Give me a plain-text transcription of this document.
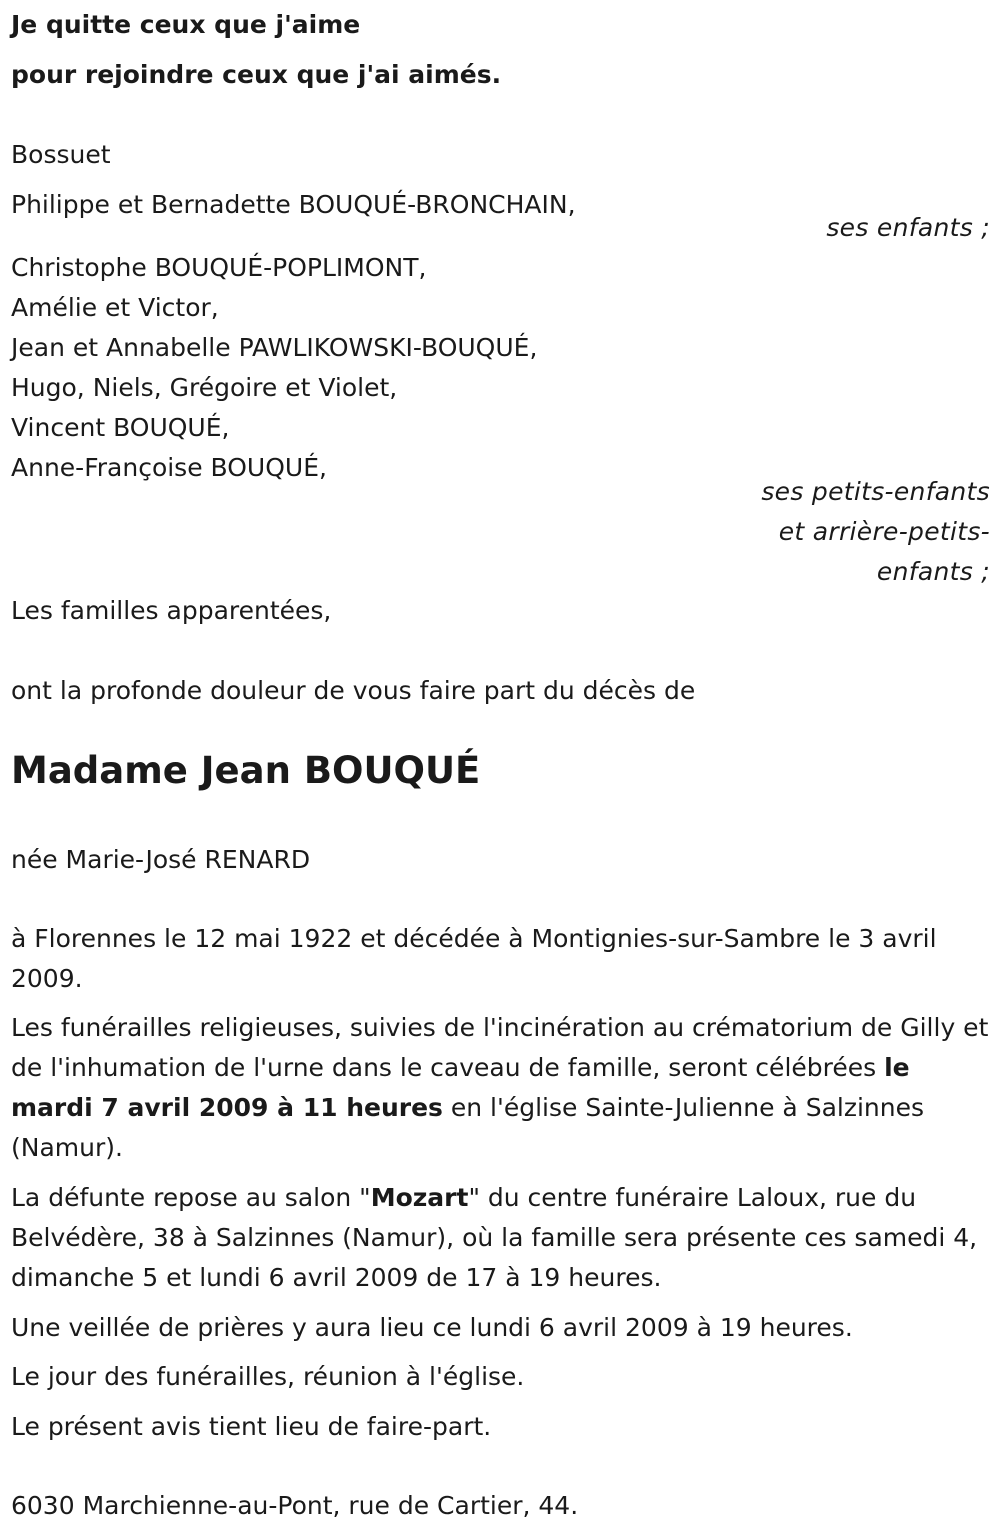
Je quitte ceux que j'aime
pour rejoindre ceux que j'ai aimés.
Bossuet
Philippe et Bernadette BOUQUÉ-BRONCHAIN,
ses enfants ;
Christophe BOUQUÉ-POPLIMONT,
Amélie et Victor,
Jean et Annabelle PAWLIKOWSKI-BOUQUÉ,
Hugo, Niels, Grégoire et Violet,
Vincent BOUQUÉ,
Anne-Françoise BOUQUÉ,
ses petits-enfants
et arrière-petits-
enfants ;
Les familles apparentées,
ont la profonde douleur de vous faire part du décès de
Madame Jean BOUQUÉ
née Marie-José RENARD
à Florennes le 12 mai 1922 et décédée à Montignies-sur-Sambre le 3 avril 2009.
Les funérailles religieuses, suivies de l'incinération au crématorium de Gilly et de l'inhumation de l'urne dans le caveau de famille, seront célébrées le mardi 7 avril 2009 à 11 heures en l'église Sainte-Julienne à Salzinnes (Namur).
La défunte repose au salon "Mozart" du centre funéraire Laloux, rue du Belvédère, 38 à Salzinnes (Namur), où la famille sera présente ces samedi 4, dimanche 5 et lundi 6 avril 2009 de 17 à 19 heures.
Une veillée de prières y aura lieu ce lundi 6 avril 2009 à 19 heures.
Le jour des funérailles, réunion à l'église.
Le présent avis tient lieu de faire-part.
6030 Marchienne-au-Pont, rue de Cartier, 44.
